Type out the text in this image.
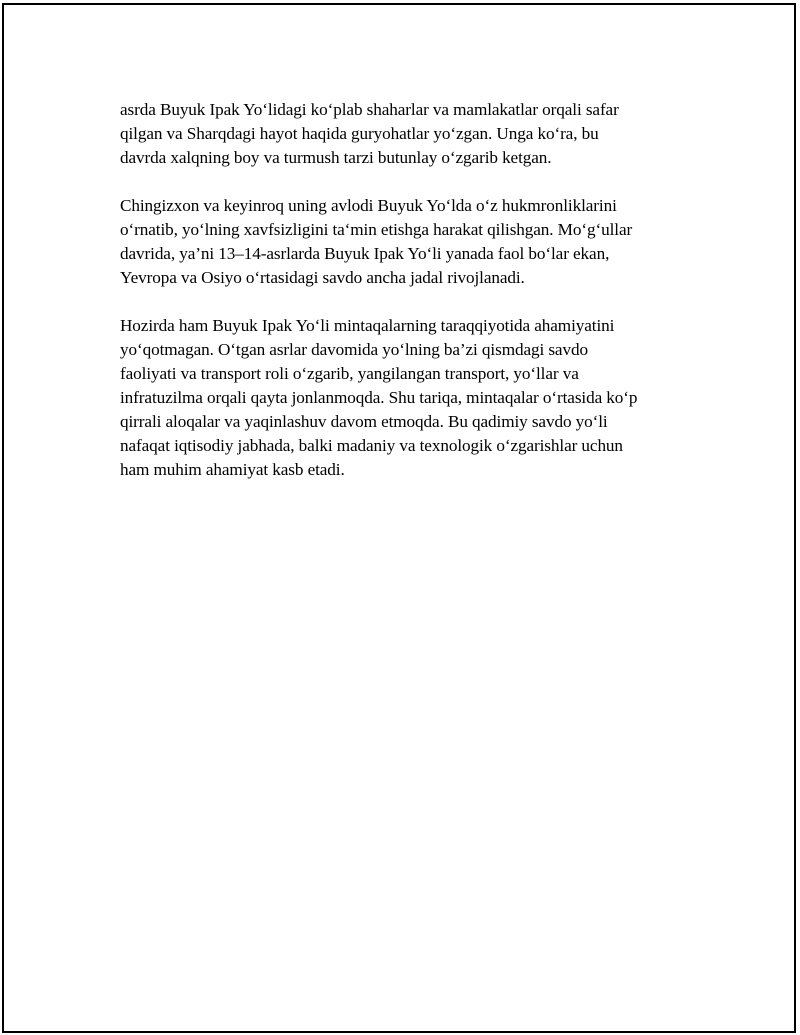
asrda Buyuk Ipak Yo‘lidagi ko‘plab shaharlar va mamlakatlar orqali safar
qilgan va Sharqdagi hayot haqida guryohatlar yo‘zgan. Unga ko‘ra, bu
davrda xalqning boy va turmush tarzi butunlay o‘zgarib ketgan.

Chingizxon va keyinroq uning avlodi Buyuk Yo‘lda o‘z hukmronliklarini
o‘rnatib, yo‘lning xavfsizligini ta‘min etishga harakat qilishgan. Mo‘g‘ullar
davrida, ya’ni 13–14-asrlarda Buyuk Ipak Yo‘li yanada faol bo‘lar ekan,
Yevropa va Osiyo o‘rtasidagi savdo ancha jadal rivojlanadi.

Hozirda ham Buyuk Ipak Yo‘li mintaqalarning taraqqiyotida ahamiyatini
yo‘qotmagan. O‘tgan asrlar davomida yo‘lning ba’zi qismdagi savdo
faoliyati va transport roli o‘zgarib, yangilangan transport, yo‘llar va
infratuzilma orqali qayta jonlanmoqda. Shu tariqa, mintaqalar o‘rtasida ko‘p
qirrali aloqalar va yaqinlashuv davom etmoqda. Bu qadimiy savdo yo‘li
nafaqat iqtisodiy jabhada, balki madaniy va texnologik o‘zgarishlar uchun
ham muhim ahamiyat kasb etadi.
